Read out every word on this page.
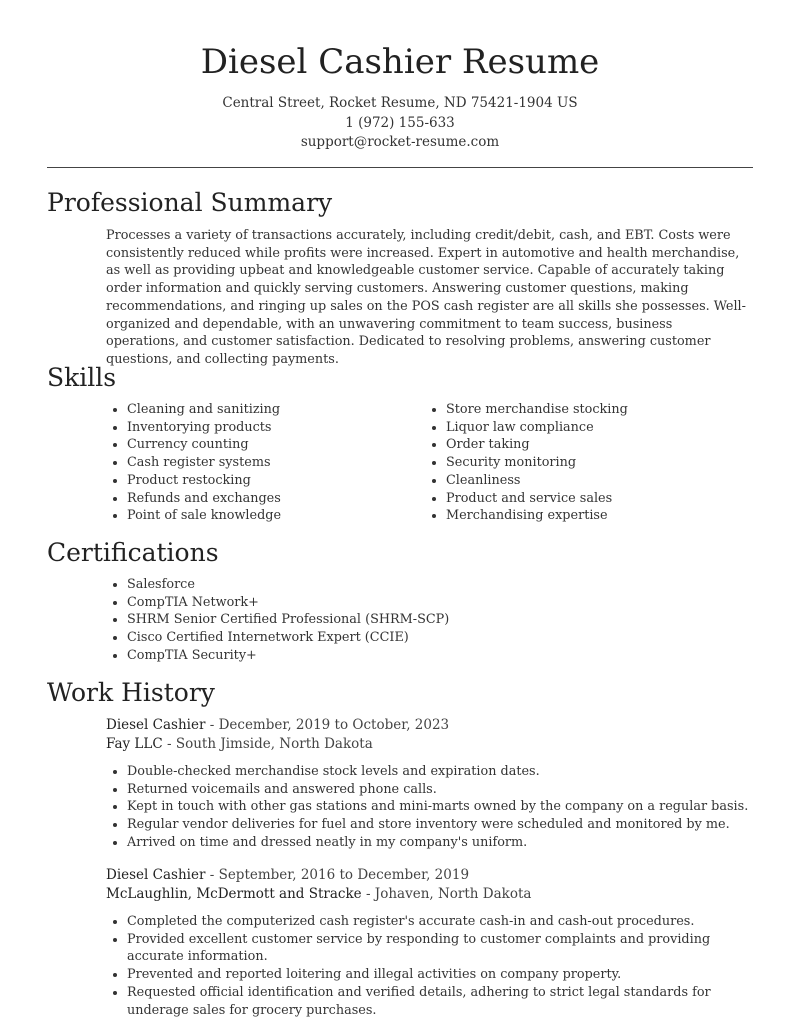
Diesel Cashier Resume
Central Street, Rocket Resume, ND 75421-1904 US
1 (972) 155-633
support@rocket-resume.com
Professional Summary

Processes a variety of transactions accurately, including credit/debit, cash, and EBT. Costs were consistently reduced while profits were increased. Expert in automotive and health merchandise, as well as providing upbeat and knowledgeable customer service. Capable of accurately taking order information and quickly serving customers. Answering customer questions, making recommendations, and ringing up sales on the POS cash register are all skills she possesses. Well-organized and dependable, with an unwavering commitment to team success, business operations, and customer satisfaction. Dedicated to resolving problems, answering customer questions, and collecting payments.

Skills
• Cleaning and sanitizing
• Inventorying products
• Currency counting
• Cash register systems
• Product restocking
• Refunds and exchanges
• Point of sale knowledge
• Store merchandise stocking
• Liquor law compliance
• Order taking
• Security monitoring
• Cleanliness
• Product and service sales
• Merchandising expertise
Certifications
• Salesforce
• CompTIA Network+
• SHRM Senior Certified Professional (SHRM-SCP)
• Cisco Certified Internetwork Expert (CCIE)
• CompTIA Security+
Work History
Diesel Cashier - December, 2019 to October, 2023
Fay LLC - South Jimside, North Dakota
• Double-checked merchandise stock levels and expiration dates.
• Returned voicemails and answered phone calls.
• Kept in touch with other gas stations and mini-marts owned by the company on a regular basis.
• Regular vendor deliveries for fuel and store inventory were scheduled and monitored by me.
• Arrived on time and dressed neatly in my company's uniform.
Diesel Cashier - September, 2016 to December, 2019
McLaughlin, McDermott and Stracke - Johaven, North Dakota
• Completed the computerized cash register's accurate cash-in and cash-out procedures.
• Provided excellent customer service by responding to customer complaints and providing accurate information.
• Prevented and reported loitering and illegal activities on company property.
• Requested official identification and verified details, adhering to strict legal standards for underage sales for grocery purchases.
